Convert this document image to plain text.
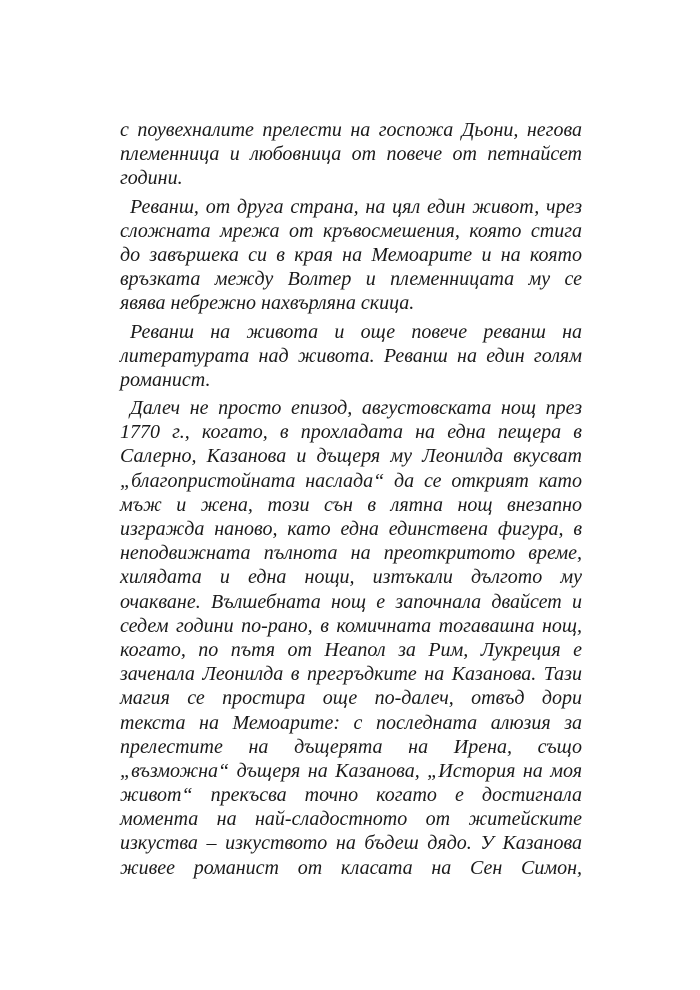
с поувехналите прелести на госпожа Дьони, негова
племенница и любовница от повече от петнайсет
години.
Реванш, от друга страна, на цял един живот, чрез
сложната мрежа от кръвосмешения, която стига
до завършека си в края на Мемоарите и на която
връзката между Волтер и племенницата му се
явява небрежно нахвърляна скица.
Реванш на живота и още повече реванш на
литературата над живота. Реванш на един голям
романист.
Далеч не просто епизод, августовската нощ през
1770 г., когато, в прохладата на една пещера в
Салерно, Казанова и дъщеря му Леонилда вкусват
„благопристойната наслада“ да се открият като
мъж и жена, този сън в лятна нощ внезапно
изгражда наново, като една единствена фигура, в
неподвижната пълнота на преоткритото време,
хилядата и една нощи, изтъкали дългото му
очакване. Вълшебната нощ е започнала двайсет и
седем години по-рано, в комичната тогавашна нощ,
когато, по пътя от Неапол за Рим, Лукреция е
заченала Леонилда в прегръдките на Казанова. Тази
магия се простира още по-далеч, отвъд дори
текста на Мемоарите: с последната алюзия за
прелестите на дъщерята на Ирена, също
„възможна“ дъщеря на Казанова, „История на моя
живот“ прекъсва точно когато е достигнала
момента на най-сладостното от житейските
изкуства – изкуството на бъдеш дядо. У Казанова
живее романист от класата на Сен Симон,
